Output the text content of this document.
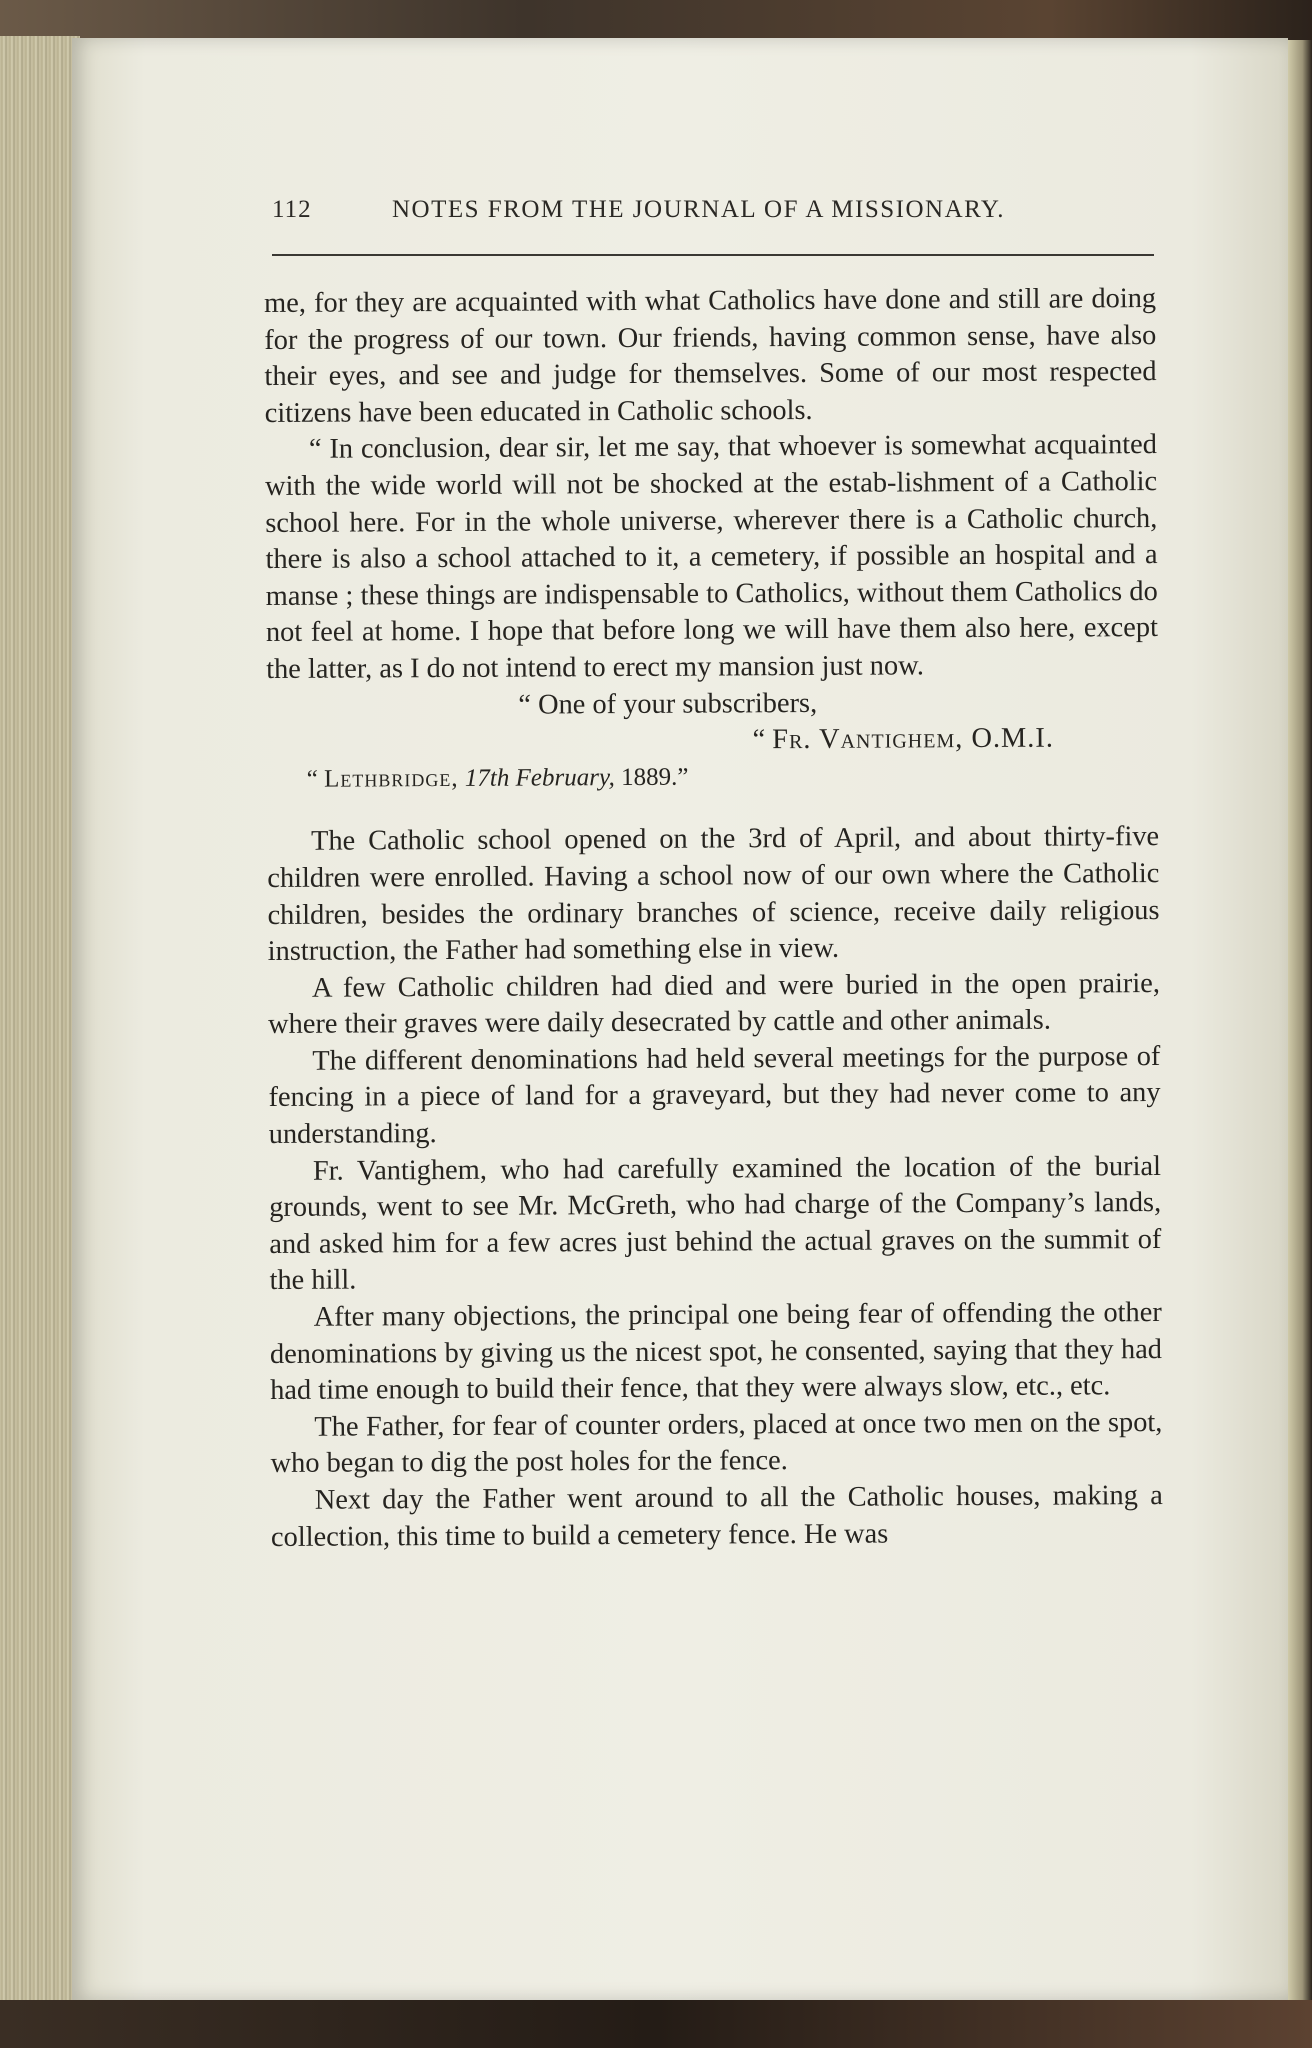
112	NOTES FROM THE JOURNAL OF A MISSIONARY.

me, for they are acquainted with what Catholics have done and still are doing for the progress of our town. Our friends, having common sense, have also their eyes, and see and judge for themselves. Some of our most respected citizens have been educated in Catholic schools.

“ In conclusion, dear sir, let me say, that whoever is somewhat acquainted with the wide world will not be shocked at the estab-lishment of a Catholic school here. For in the whole universe, wherever there is a Catholic church, there is also a school attached to it, a cemetery, if possible an hospital and a manse ; these things are indispensable to Catholics, without them Catholics do not feel at home. I hope that before long we will have them also here, except the latter, as I do not intend to erect my mansion just now.

“ One of your subscribers,

“ Fr. Vantighem, O.M.I.

“ Lethbridge, 17th February, 1889.”

The Catholic school opened on the 3rd of April, and about thirty-five children were enrolled. Having a school now of our own where the Catholic children, besides the ordinary branches of science, receive daily religious instruction, the Father had something else in view.

A few Catholic children had died and were buried in the open prairie, where their graves were daily desecrated by cattle and other animals.

The different denominations had held several meetings for the purpose of fencing in a piece of land for a graveyard, but they had never come to any understanding.

Fr. Vantighem, who had carefully examined the location of the burial grounds, went to see Mr. McGreth, who had charge of the Company’s lands, and asked him for a few acres just behind the actual graves on the summit of the hill.

After many objections, the principal one being fear of offending the other denominations by giving us the nicest spot, he consented, saying that they had had time enough to build their fence, that they were always slow, etc., etc.

The Father, for fear of counter orders, placed at once two men on the spot, who began to dig the post holes for the fence.

Next day the Father went around to all the Catholic houses, making a collection, this time to build a cemetery fence. He was
